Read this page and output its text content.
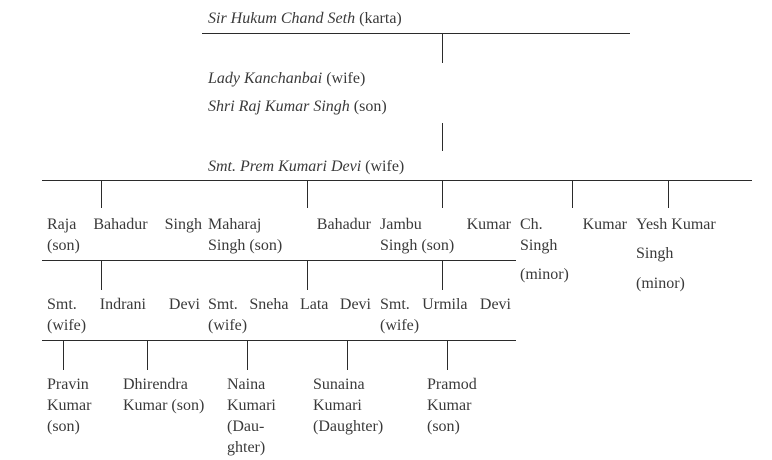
Sir Hukum Chand Seth (karta)
Lady Kanchanbai (wife)
Shri Raj Kumar Singh (son)
Smt. Prem Kumari Devi (wife)
Raja Bahadur Singh
(son)
Maharaj Bahadur
Singh (son)
Jambu Kumar
Singh (son)
Ch. Kumar
Singh
(minor)
Yesh Kumar
Singh
(minor)
Smt. Indrani Devi
(wife)
Smt. Sneha Lata Devi
(wife)
Smt. Urmila Devi
(wife)
Pravin
Kumar
(son)
Dhirendra
Kumar (son)
Naina
Kumari
(Dau-
ghter)
Sunaina
Kumari
(Daughter)
Pramod
Kumar
(son)
